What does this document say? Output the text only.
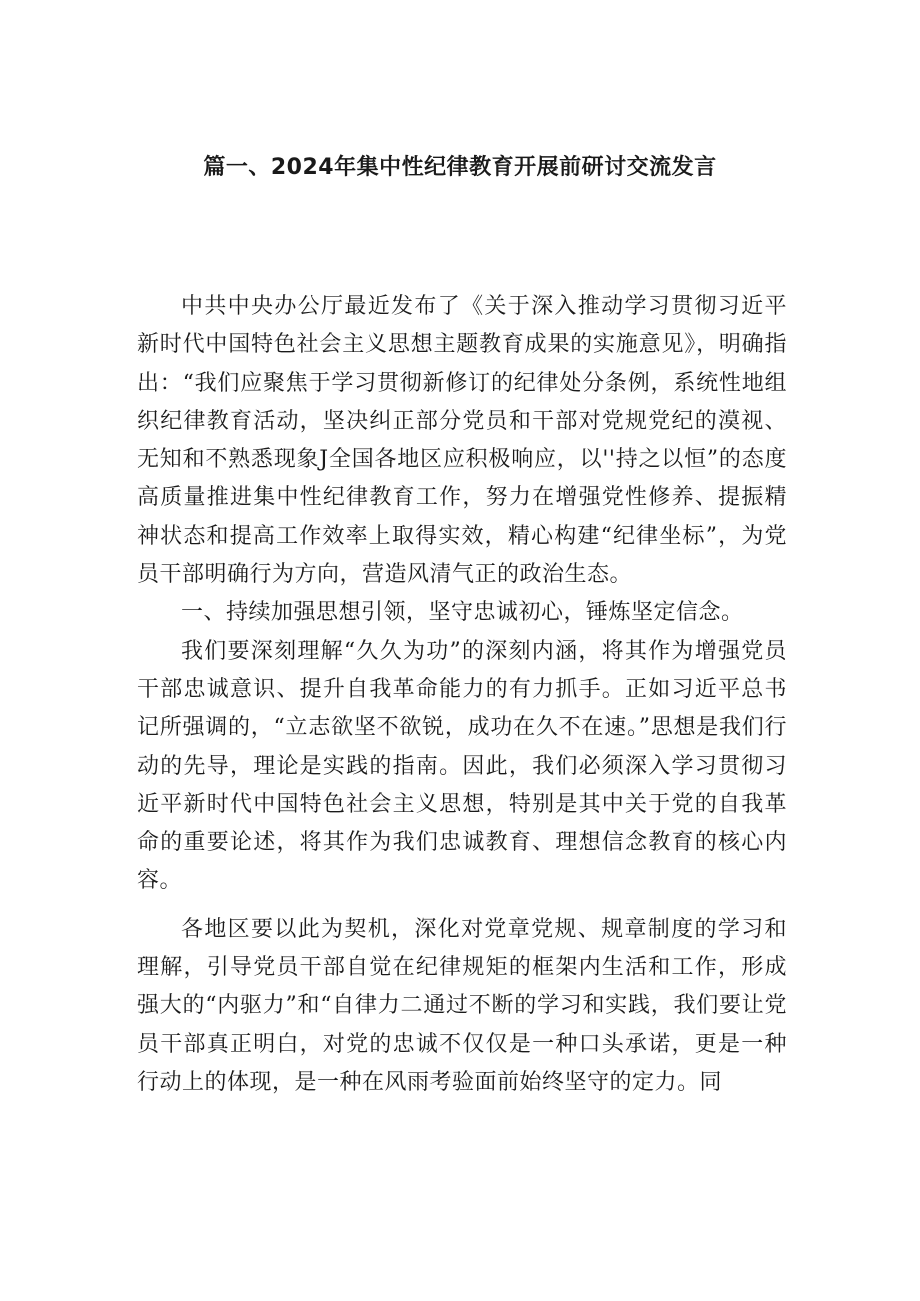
篇一、2024年集中性纪律教育开展前研讨交流发言

中共中央办公厅最近发布了《关于深入推动学习贯彻习近平新时代中国特色社会主义思想主题教育成果的实施意见》，明确指出：“我们应聚焦于学习贯彻新修订的纪律处分条例，系统性地组织纪律教育活动，坚决纠正部分党员和干部对党规党纪的漠视、无知和不熟悉现象J全国各地区应积极响应，以''持之以恒”的态度高质量推进集中性纪律教育工作，努力在增强党性修养、提振精神状态和提高工作效率上取得实效，精心构建“纪律坐标”，为党员干部明确行为方向，营造风清气正的政治生态。

一、持续加强思想引领，坚守忠诚初心，锤炼坚定信念。

我们要深刻理解“久久为功”的深刻内涵，将其作为增强党员干部忠诚意识、提升自我革命能力的有力抓手。正如习近平总书记所强调的，“立志欲坚不欲锐，成功在久不在速。”思想是我们行动的先导，理论是实践的指南。因此，我们必须深入学习贯彻习近平新时代中国特色社会主义思想，特别是其中关于党的自我革命的重要论述，将其作为我们忠诚教育、理想信念教育的核心内容。

各地区要以此为契机，深化对党章党规、规章制度的学习和理解，引导党员干部自觉在纪律规矩的框架内生活和工作，形成强大的“内驱力”和“自律力二通过不断的学习和实践，我们要让党员干部真正明白，对党的忠诚不仅仅是一种口头承诺，更是一种行动上的体现，是一种在风雨考验面前始终坚守的定力。同
